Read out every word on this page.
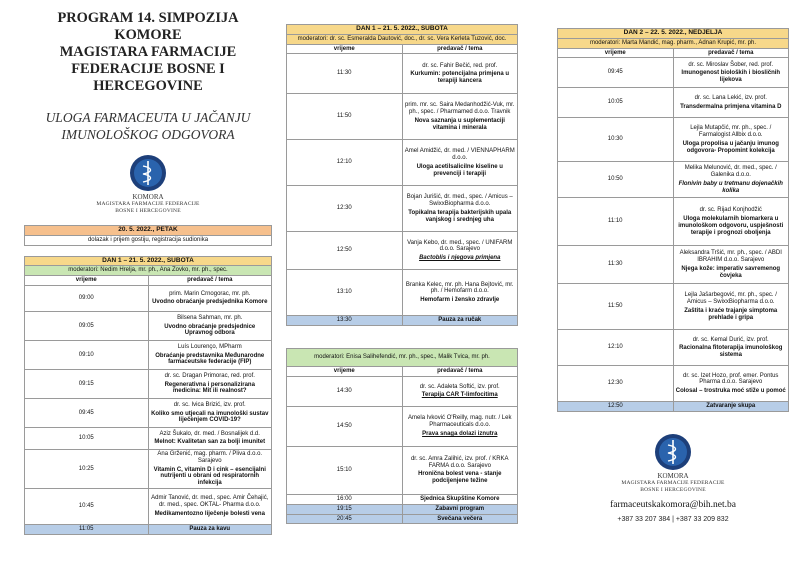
PROGRAM 14. SIMPOZIJA KOMORE
MAGISTARA FARMACIJE
FEDERACIJE BOSNE I HERCEGOVINE
ULOGA FARMACEUTA U JAČANJU
IMUNOLOŠKOG ODGOVORA
KOMORA
MAGISTARA FARMACIJE FEDERACIJE
BOSNE I HERCEGOVINE
20. 5. 2022., PETAK
dolazak i prijem gostiju, registracija sudionika
DAN 1 – 21. 5. 2022., SUBOTA	
moderatori: Nedim Hrelja, mr. ph., Ana Zovko, mr. ph., spec.	
vrijeme	predavač / tema
09:00	prim. Marin Crnogorac, mr. ph.
Uvodno obraćanje predsjednika Komore

09:05	Bilsena Sahman, mr. ph.
Uvodno obraćanje predsjednice Upravnog odbora

09:10	Luís Lourenço, MPharm
Obraćanje predstavnika Međunarodne farmaceutske federacije (FIP)

09:15	dr. sc. Dragan Primorac, red. prof.
Regenerativna i personalizirana medicina: Mit ili realnost?

09:45	dr. sc. Ivica Brizić, izv. prof.
Koliko smo utjecali na imunološki sustav liječenjem COVID-19?

10:05	Aziz Šukalo, dr. med. / Bosnalijek d.d.
Melnot: Kvalitetan san za bolji imunitet

10:25	Ana Grženić, mag. pharm. / Pliva d.o.o. Sarajevo
Vitamin C, vitamin D i cink – esencijalni nutrijenti u obrani od respiratornih infekcija

10:45	Admir Tanović, dr. med., spec. Amir Čehajić, dr. med., spec. OKTAL- Pharma d.o.o.
Medikamentozno liječenje bolesti vena

11:05	Pauza za kavu
DAN 1 – 21. 5. 2022., SUBOTA	
moderatori: dr. sc. Esmeralda Dautović, doc., dr. sc. Vera Kerleta Tuzović, doc.	
vrijeme	predavač / tema
11:30	dr. sc. Fahir Bečić, red. prof.
Kurkumin: potencijalna primjena u terapiji kancera

11:50	prim. mr. sc. Saira Medanhodžić-Vuk, mr. ph., spec. / Pharmamed d.o.o. Travnik
Nova saznanja u suplementaciji vitamina i minerala

12:10	Amel Amidžić, dr. med. / VIENNAPHARM d.o.o.
Uloga acetilsalicilne kiseline u prevenciji i terapiji

12:30	Bojan Jurišić, dr. med., spec. / Amicus – SwixxBiopharma d.o.o.
Topikalna terapija bakterijskih upala vanjskog i srednjeg uha

12:50	Vanja Kebo, dr. med., spec. / UNIFARM d.o.o. Sarajevo
Bactoblis i njegova primjena

13:10	Branka Kelec, mr. ph. Hana Bejtović, mr. ph. / Hemofarm d.o.o.
Hemofarm i žensko zdravlje

13:30	Pauza za ručak
moderatori: Enisa Salihefendić, mr. ph., spec., Malik Tvica, mr. ph.	
vrijeme	predavač / tema
14:30	dr. sc. Adaleta Softić, izv. prof.
Terapija CAR T-limfocitima

14:50	Amela Ivković O'Reilly, mag. nutr. / Lek Pharmaceuticals d.o.o.
Prava snaga dolazi iznutra

15:10	dr. sc. Amra Zalihić, izv. prof. / KRKA FARMA d.o.o. Sarajevo
Hronična bolest vena - stanje podcijenjene težine

16:00	Sjednica Skupštine Komore
19:15	Zabavni program
20:45	Svečana večera
DAN 2 – 22. 5. 2022., NEDJELJA	
moderatori: Marta Mandić, mag. pharm., Adnan Krupić, mr. ph.	
vrijeme	predavač / tema
09:45	dr. sc. Miroslav Šober, red. prof.
Imunogenost bioloških i biosličnih lijekova

10:05	dr. sc. Lana Lekić, izv. prof.
Transdermalna primjena vitamina D

10:30	Lejla Mutapčić, mr. ph., spec. / Farmalogist Allbix d.o.o.
Uloga propolisa u jačanju imunog odgovora- Propomint kolekcija

10:50	Melika Melunović, dr. med., spec. / Galenika d.o.o.
Flonivin baby u tretmanu dojenačkih kolika

11:10	dr. sc. Rijad Konjhodžić
Uloga molekularnih biomarkera u imunološkom odgovoru, uspješnosti terapije i prognozi oboljenja

11:30	Aleksandra Tršić, mr. ph., spec. / ABDI IBRAHIM d.o.o. Sarajevo
Njega kože: imperativ savremenog čovjeka

11:50	Lejla Jašarbegović, mr. ph., spec. / Amicus – SwixxBiopharma d.o.o.
Zaštita i kraće trajanje simptoma prehlade i gripa

12:10	dr. sc. Kemal Durić, izv. prof.
Racionalna fitoterapija imunološkog sistema

12:30	dr. sc. Izet Hozo, prof. emer. Pontus Pharma d.o.o. Sarajevo
Colosal – trostruka moć stiže u pomoć

12:50	Zatvaranje skupa
KOMORA
MAGISTARA FARMACIJE FEDERACIJE
BOSNE I HERCEGOVINE
farmaceutskakomora@bih.net.ba
+387 33 207 384 | +387 33 209 832
